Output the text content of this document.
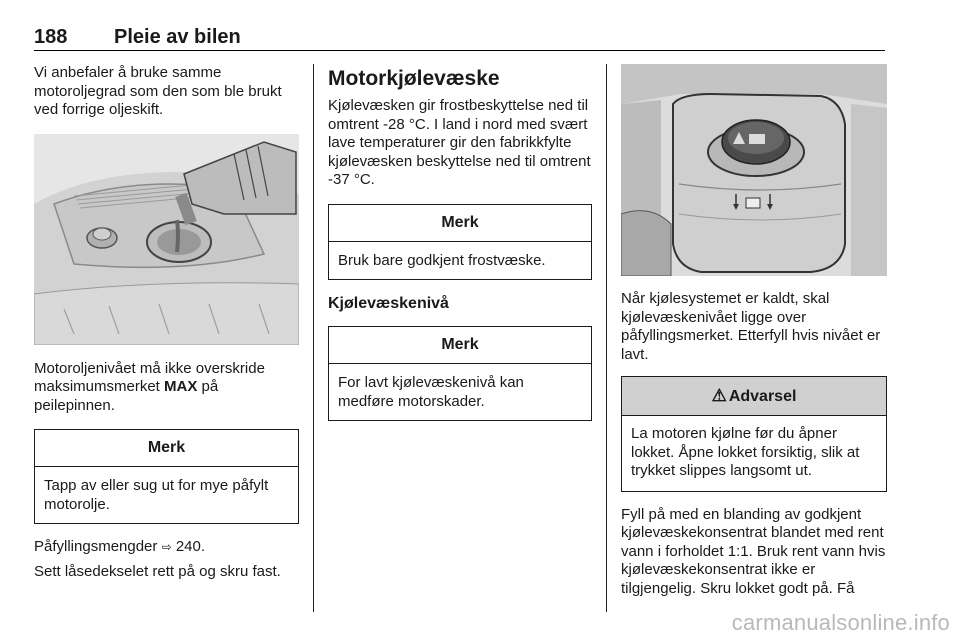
188 Pleie av bilen

Vi anbefaler å bruke samme motoroljegrad som den som ble brukt ved forrige oljeskift.

Motoroljenivået må ikke overskride maksimumsmerket MAX på peilepinnen.

Merk
Tapp av eller sug ut for mye påfylt motorolje.

Påfyllingsmengder ⇨ 240.

Sett låsedekselet rett på og skru fast.

Motorkjølevæske

Kjølevæsken gir frostbeskyttelse ned til omtrent -28 °C. I land i nord med svært lave temperaturer gir den fabrikkfylte kjølevæsken beskyttelse ned til omtrent -37 °C.

Merk
Bruk bare godkjent frostvæske.
Kjølevæskenivå
Merk
For lavt kjølevæskenivå kan medføre motorskader.

Når kjølesystemet er kaldt, skal kjølevæskenivået ligge over påfyllingsmerket. Etterfyll hvis nivået er lavt.

⚠ Advarsel
La motoren kjølne før du åpner lokket. Åpne lokket forsiktig, slik at trykket slippes langsomt ut.

Fyll på med en blanding av godkjent kjølevæskekonsentrat blandet med rent vann i forholdet 1:1. Bruk rent vann hvis kjølevæskekonsentrat ikke er tilgjengelig. Skru lokket godt på. Få

carmanualsonline.info
